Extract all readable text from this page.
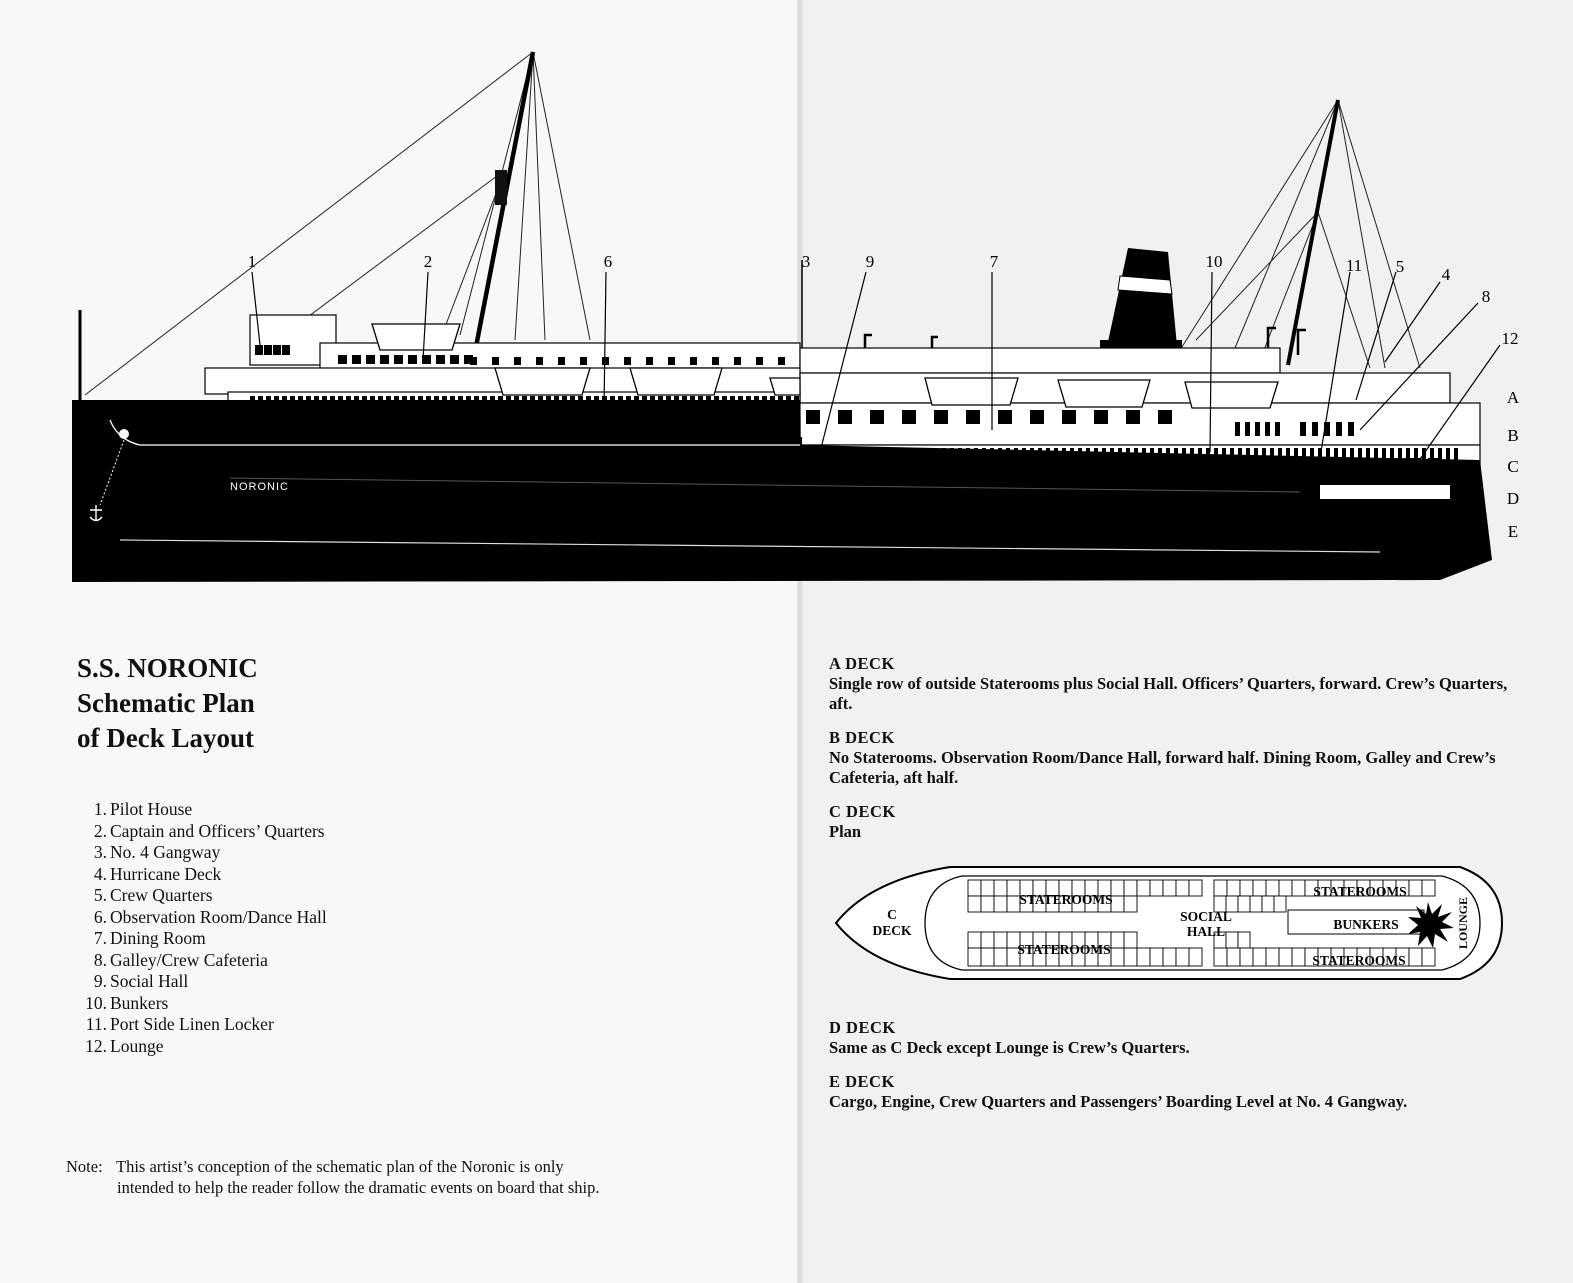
NORONIC
1	2	6	3	9	7	10	11 5 4
8
12
A
B
C
D
E
S.S. NORONIC
Schematic Plan
of Deck Layout
1. Pilot House
2. Captain and Officers’ Quarters
3. No. 4 Gangway
4. Hurricane Deck
5. Crew Quarters
6. Observation Room/Dance Hall
7. Dining Room
8. Galley/Crew Cafeteria
9. Social Hall
10. Bunkers
11. Port Side Linen Locker
12. Lounge
Note: This artist’s conception of the schematic plan of the Noronic is only
intended to help the reader follow the dramatic events on board that ship.
A DECK
Single row of outside Staterooms plus Social Hall. Officers’ Quarters, forward. Crew’s Quarters, aft.
B DECK
No Staterooms. Observation Room/Dance Hall, forward half. Dining Room, Galley and Crew’s Cafeteria, aft half.
C DECK
Plan
C
DECK
STATEROOMS
STATEROOMS
SOCIAL
HALL
STATEROOMS
STATEROOMS
BUNKERS	LOUNGE
D DECK
Same as C Deck except Lounge is Crew’s Quarters.
E DECK
Cargo, Engine, Crew Quarters and Passengers’ Boarding Level at No. 4 Gangway.
